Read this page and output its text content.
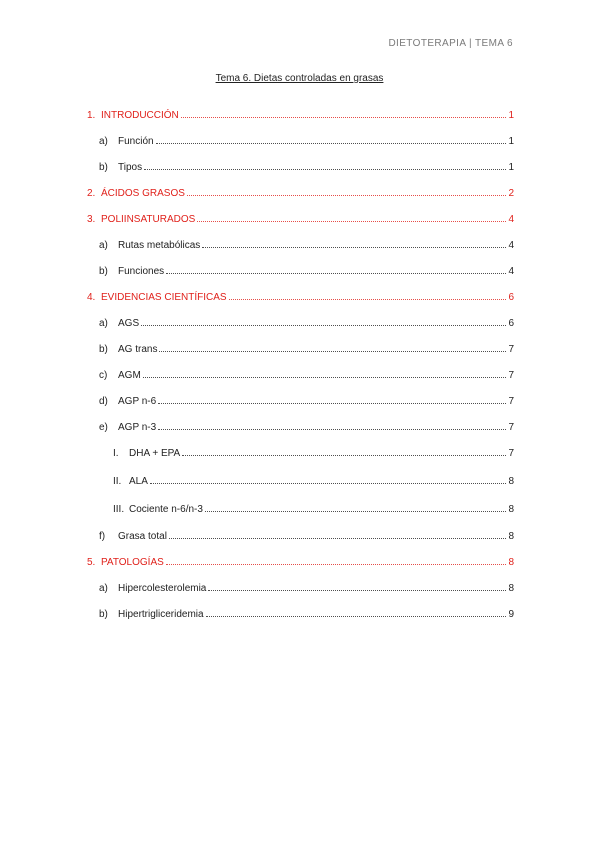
DIETOTERAPIA | TEMA 6
Tema 6. Dietas controladas en grasas
1. INTRODUCCIÓN	1
a)	Función	1
b)	Tipos	1
2. ÁCIDOS GRASOS	2
3. POLIINSATURADOS	4
a)	Rutas metabólicas	4
b)	Funciones	4
4. EVIDENCIAS CIENTÍFICAS	6
a)	AGS	6
b)	AG trans	7
c)	AGM	7
d)	AGP n-6	7
e)	AGP n-3	7
I.	DHA + EPA	7
II. ALA	8
III. Cociente n-6/n-3	8
f)	Grasa total	8
5. PATOLOGÍAS	8
a)	Hipercolesterolemia	8
b)	Hipertrigliceridemia	9
